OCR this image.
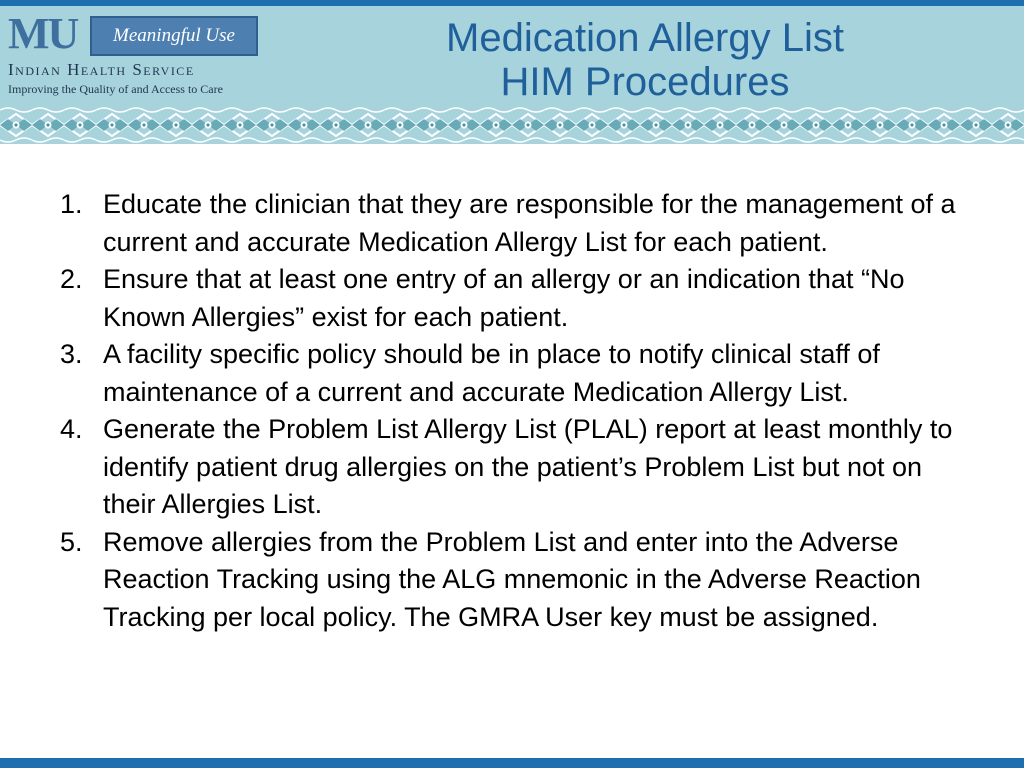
MU Meaningful Use
Indian Health Service
Improving the Quality of and Access to Care
Medication Allergy List
HIM Procedures
1. Educate the clinician that they are responsible for the management of a current and accurate Medication Allergy List for each patient.
2. Ensure that at least one entry of an allergy or an indication that “No Known Allergies” exist for each patient.
3. A facility specific policy should be in place to notify clinical staff of maintenance of a current and accurate Medication Allergy List.
4. Generate the Problem List Allergy List (PLAL) report at least monthly to identify patient drug allergies on the patient’s Problem List but not on their Allergies List.
5. Remove allergies from the Problem List and enter into the Adverse Reaction Tracking using the ALG mnemonic in the Adverse Reaction Tracking per local policy. The GMRA User key must be assigned.
